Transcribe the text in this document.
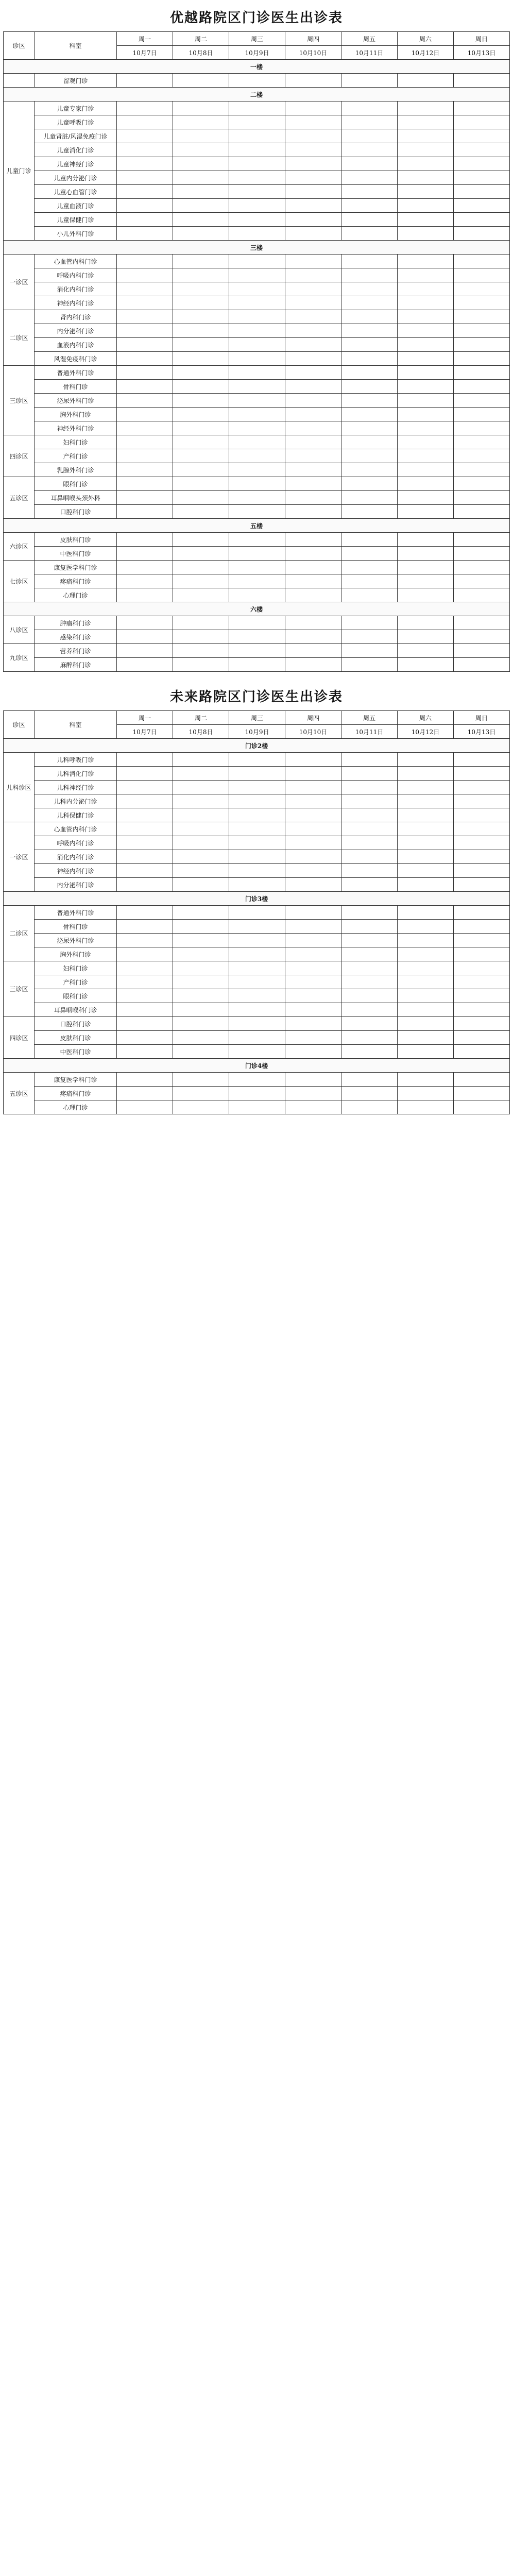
优越路院区门诊医生出诊表
诊区	科室	周一	周二	周三	周四	周五	周六	周日
		10月7日	10月8日	10月9日	10月10日	10月11日	10月12日	10月13日
一楼								
	留观门诊							
二楼								
儿童门诊	儿童专家门诊							
	儿童呼吸门诊							
	儿童肾脏/风湿免疫门诊							
	儿童消化门诊							
	儿童神经门诊							
	儿童内分泌门诊							
	儿童心血管门诊							
	儿童血液门诊							
	儿童保健门诊							
	小儿外科门诊							
三楼								
一诊区	心血管内科门诊							
	呼吸内科门诊							
	消化内科门诊							
	神经内科门诊							
二诊区	肾内科门诊							
	内分泌科门诊							
	血液内科门诊							
	风湿免疫科门诊							
三诊区	普通外科门诊							
	骨科门诊							
	泌尿外科门诊							
	胸外科门诊							
	神经外科门诊							
四诊区	妇科门诊							
	产科门诊							
	乳腺外科门诊							
五诊区	眼科门诊							
	耳鼻咽喉头颈外科							
	口腔科门诊							
五楼								
六诊区	皮肤科门诊							
	中医科门诊							
七诊区	康复医学科门诊							
	疼痛科门诊							
	心理门诊							
六楼								
八诊区	肿瘤科门诊							
	感染科门诊							
九诊区	营养科门诊							
	麻醉科门诊							
未来路院区门诊医生出诊表
诊区	科室	周一	周二	周三	周四	周五	周六	周日
		10月7日	10月8日	10月9日	10月10日	10月11日	10月12日	10月13日
门诊2楼								
儿科诊区	儿科呼吸门诊							
	儿科消化门诊							
	儿科神经门诊							
	儿科内分泌门诊							
	儿科保健门诊							
一诊区	心血管内科门诊							
	呼吸内科门诊							
	消化内科门诊							
	神经内科门诊							
	内分泌科门诊							
门诊3楼								
二诊区	普通外科门诊							
	骨科门诊							
	泌尿外科门诊							
	胸外科门诊							
三诊区	妇科门诊							
	产科门诊							
	眼科门诊							
	耳鼻咽喉科门诊							
四诊区	口腔科门诊							
	皮肤科门诊							
	中医科门诊							
门诊4楼								
五诊区	康复医学科门诊							
	疼痛科门诊							
	心理门诊							
